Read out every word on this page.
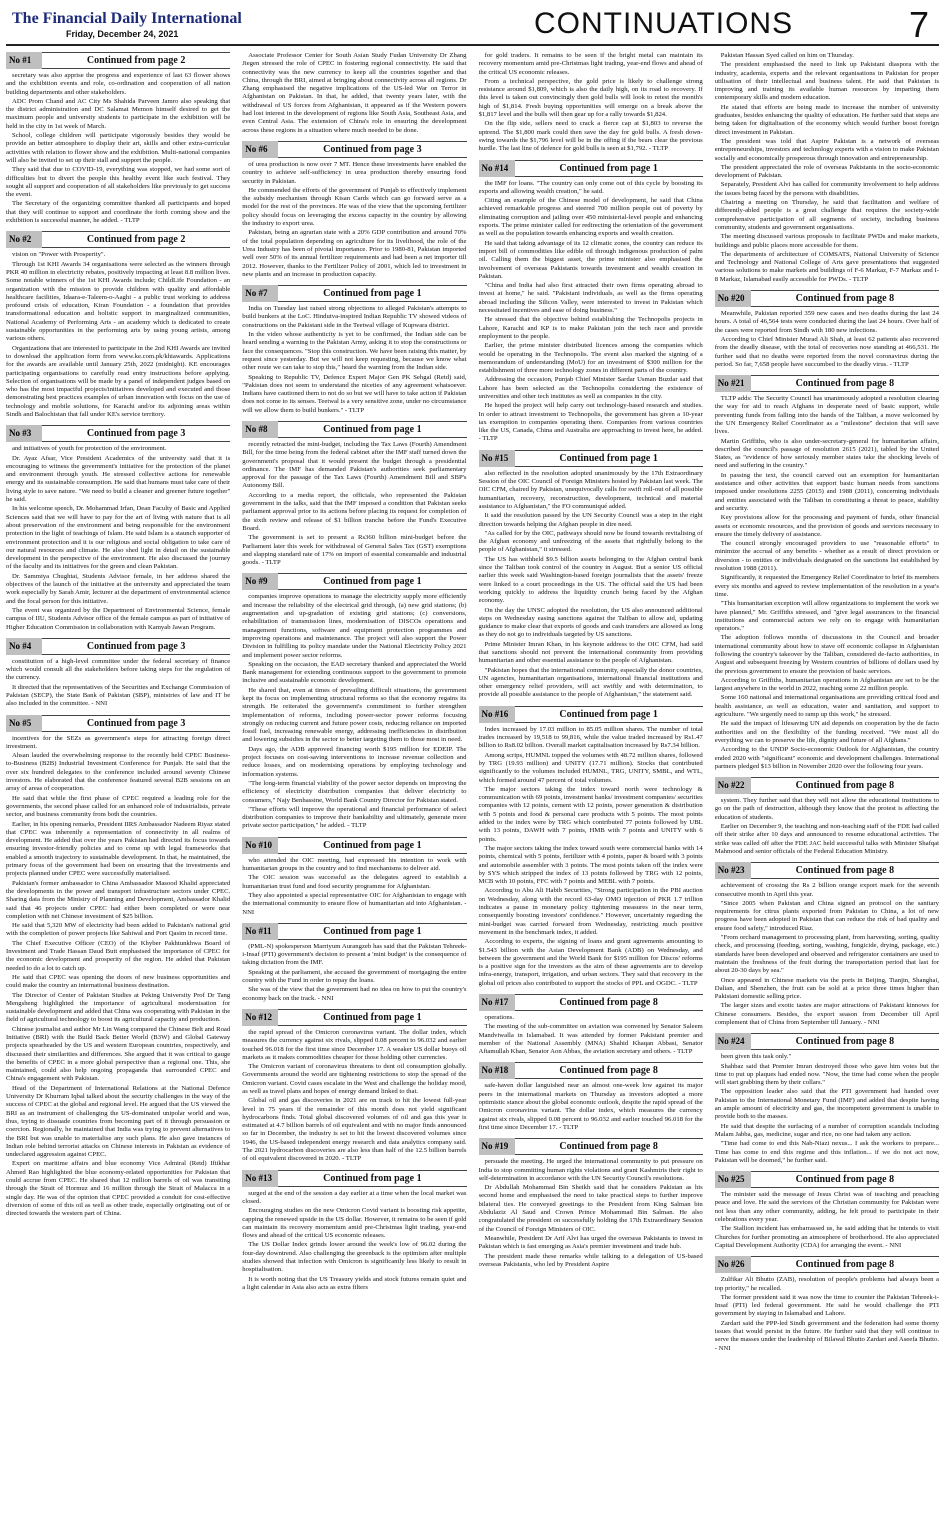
The Financial Daily International
Friday, December 24, 2021	CONTINUATIONS	7
No #1	Continued from page 2

secretary was also apprise the progress and experience of last 63 flower shows and the exhibition events and role, co-ordination and cooperation of all nation building departments and other stakeholders.

ADC Prom Chand and AC City Ms Shahida Parveen Jamro also speaking that the district administration and DC Salamat Memon himself desired to get the maximum people and university students to participate in the exhibition will be held in the city in 1st week of March.

School, college children will participate vigorously besides they would be provide an better atmosphere to display their art, skills and other extra-curricular activities with relation to flower show and the exhibition. Multi-national companies will also be invited to set up their stall and support the people.

They said that due to COVID-19, everything was stopped, we had some sort of difficulties but to divert the people this healthy event like such festival. They sought all support and cooperation of all stakeholders like previously to get success the event.

The Secretary of the organizing committee thanked all participants and hoped that they will continue to support and coordinate the forth coming show and the exhibition is successful manner, he added. - TLTP

No #2	Continued from page 2

vision on "Power with Prosperity".

Through 1st KHI Awards 34 organisations were selected as the winners through PKR 40 million in electricity rebates, positively impacting at least 8.8 million lives. Some notable winners of the 1st KHI Awards include; ChildLife Foundation - an organization with the mission to provide children with quality and affordable healthcare facilities, Idaara-e-Taleem-o-Aaghi - a public trust working to address profound crisis of education, Kiran Foundation - a foundation that provides transformational education and holistic support in marginalized communities, National Academy of Performing Arts - an academy which is dedicated to create sustainable opportunities in the performing arts by using young artists, among various others.

Organizations that are interested to participate in the 2nd KHI Awards are invited to download the application form from www.ke.com.pk/khiawards. Applications for the awards are available until January 25th, 2022 (midnight). KE encourages participating organisations to carefully read entry instructions before applying. Selection of organisations will be made by a panel of independent judges based on who has the most impactful projects/initiatives developed and executed and those demonstrating best practices examples of urban innovation with focus on the use of technology and mobile solutions, for Karachi and/or its adjoining areas within Sindh and Balochistan that fall under KE's service territory.

No #3	Continued from page 3

and initiatives of youth for protection of the environment.

Dr. Ayaz Afsar, Vice President Academics of the university said that it is encouraging to witness the government's initiative for the protection of the planet and environment through youth. He stressed collective actions for renewable energy and its sustainable consumption. He said that humans must take care of their living style to save nature. "We need to build a cleaner and greener future together" he said.

In his welcome speech, Dr. Mohammad Irfan, Dean Faculty of Basic and Applied Sciences said that we will have to pay for the art of living with nature that is all about preservation of the environment and being responsible for the environment protection in the light of teachings of Islam. He said Islam is a staunch supporter of environment protection and it is our religious and social obligation to take care of our natural resources and climate. He also shed light in detail on the sustainable development in the perspective of the environment. He also discussed the journey of the faculty and its initiatives for the green and clean Pakistan.

Dr. Sammiya Chughtai, Students Advisor female, in her address shared the objectives of the launch of the initiative at the university and appreciated the team work especially by Sarah Amir, lecturer at the department of environmental science and the focal person for this initiative.

The event was organized by the Department of Environmental Science, female campus of IIU, Students Advisor office of the female campus as part of initiative of Higher Education Commission in collaboration with Kamyab Jawan Program.

No #4	Continued from page 3

constitution of a high-level committee under the federal secretary of finance which would consult all the stakeholders before taking steps for the regulation of the currency.

It directed that the representatives of the Securities and Exchange Commission of Pakistan (SECP), the State Bank of Pakistan (SBP), ministries of law and IT be also included in the committee. - NNI

No #5	Continued from page 3

incentives for the SEZs as government's steps for attracting foreign direct investment.

Ahsan lauded the overwhelming response to the recently held CPEC Business-to-Business (B2B) Industrial Investment Conference for Punjab. He said that the over six hundred delegates to the conference included around seventy Chinese investors. He elaborated that the conference featured several B2B sessions on an array of areas of cooperation.

He said that while the first phase of CPEC required a leading role for the governments, the second phase called for an enhanced role of industrialists, private sector, and business community from both the countries.

Earlier, in his opening remarks, President IIRS Ambassador Nadeem Riyaz stated that CPEC was inherently a representation of connectivity in all realms of development. He added that over the years Pakistan had directed its focus towards ensuring investor-friendly policies and to come up with legal frameworks that enabled a smooth trajectory to sustainable development. In that, he maintained, the primary focus of the government had been on ensuring that the investments and projects planned under CPEC were successfully materialised.

Pakistan's former ambassador to China Ambassador Masood Khalid appreciated the developments in the power and transport infrastructure sectors under CPEC. Sharing data from the Ministry of Planning and Development, Ambassador Khalid said that 46 projects under CPEC had either been completed or were near completion with net Chinese investment of $25 billion.

He said that 5,320 MW of electricity had been added to Pakistan's national grid with the completion of power projects like Sahiwal and Port Qasim in record time.

The Chief Executive Officer (CEO) of the Khyber Pakhtunkhwa Board of Investment and Trade Hassan Daud Butt emphasised the importance of CPEC for the economic development and prosperity of the region. He added that Pakistan needed to do a lot to catch up.

He said that CPEC was opening the doors of new business opportunities and could make the country an international business destination.

The Director of Center of Pakistan Studies at Peking University Prof Dr Tang Mengsheng highlighted the importance of agricultural modernisation for sustainable development and added that China was cooperating with Pakistan in the field of agricultural technology to boost its agricultural capacity and production.

Chinese journalist and author Mr Lin Wang compared the Chinese Belt and Road Initiative (BRI) with the Build Back Better World (B3W) and Global Gateway projects spearheaded by the US and western European countries, respectively, and discussed their similarities and differences. She argued that it was critical to gauge the benefits of CPEC in a more global perspective than a regional one. This, she maintained, could also help ongoing propaganda that surrounded CPEC and China's engagement with Pakistan.

Head of the Department of International Relations at the National Defence University Dr Khurram Iqbal talked about the security challenges in the way of the success of CPEC at the global and regional level. He argued that the US viewed the BRI as an instrument of challenging the US-dominated unipolar world and was, thus, trying to dissuade countries from becoming part of it through persuasion or coercion. Regionally, he maintained that India was trying to prevent alternatives to the BRI but was unable to materialise any such plans. He also gave instances of Indian role behind terrorist attacks on Chinese interests in Pakistan as evidence of undeclared aggression against CPEC.

Expert on maritime affairs and blue economy Vice Admiral (Retd) Iftikhar Ahmed Rao highlighted the blue economy-related opportunities for Pakistan that could accrue from CPEC. He shared that 12 million barrels of oil was transiting through the Strait of Hormuz and 16 million through the Strait of Malacca in a single day. He was of the opinion that CPEC provided a conduit for cost-effective diversion of some of this oil as well as other trade, especially originating out of or directed towards the western part of China.

Associate Professor Center for South Asian Study Fudan University Dr Zhang Jiegen stressed the role of CPEC in fostering regional connectivity. He said that connectivity was the new currency to keep all the countries together and that China, through the BRI, aimed at bringing about connectivity across all regions. Dr Zhang emphasised the negative implications of the US-led War on Terror in Afghanistan on Pakistan. In that, he added, that twenty years later, with the withdrawal of US forces from Afghanistan, it appeared as if the Western powers had lost interest in the development of regions like South Asia, Southeast Asia, and even Central Asia. The extension of China's role in ensuring the development across these regions in a situation where much needed to be done.

No #6	Continued from page 3

of urea production is now over 7 MT. Hence these investments have enabled the country to achieve self-sufficiency in urea production thereby ensuring food security in Pakistan.

He commended the efforts of the government of Punjab to effectively implement the subsidy mechanism through Kisan Cards which can go forward serve as a model for the rest of the provinces. He was of the view that the upcoming fertilizer policy should focus on leveraging the excess capacity in the country by allowing the industry to export urea.

Pakistan, being an agrarian state with a 20% GDP contribution and around 70% of the total population depending on agriculture for its livelihood, the role of the Urea Industry has been of pivotal importance. Prior to 1980-81, Pakistan imported well over 50% of its annual fertilizer requirements and had been a net importer till 2012. However, thanks to the Fertilizer Policy of 2001, which led to investment in new plants and an increase in production capacity.

No #7	Continued from page 1

India on Tuesday last raised strong objections to alleged Pakistan's attempts to build bunkers at the LoC. Hindutva-inspired Indian Republic TV showed videos of constructions on the Pakistani side in the Teetwal village of Kupwara district.

In the video whose authenticity is yet to be confirmed, the Indian side can be heard sending a warning to the Pakistan Army, asking it to stop the constructions or face the consequences. "Stop this construction. We have been raising this matter, by request since yesterday. But we will not keep requesting, because we know what other route we can take to stop this," heard the warning from the Indian side.

Speaking to Republic TV, Defence Expert Major Gen PK Sehgal (Retd) said, "Pakistan does not seem to understand the niceties of any agreement whatsoever. Indians have cautioned them to not do so but we will have to take action if Pakistan does not come to its senses. Teetwal is a very sensitive zone, under no circumstance will we allow them to build bunkers." - TLTP

No #8	Continued from page 1

recently retracted the mini-budget, including the Tax Laws (Fourth) Amendment Bill, for the time being from the federal cabinet after the IMF staff turned down the government's proposal that it would present the budget through a presidential ordinance. The IMF has demanded Pakistan's authorities seek parliamentary approval for the passage of the Tax Laws (Fourth) Amendment Bill and SBP's Autonomy Bill.

According to a media report, the officials, who represented the Pakistan government in the talks, said that the IMF imposed a condition that Pakistan seeks parliament approval prior to its actions before placing its request for completion of the sixth review and release of $1 billion tranche before the Fund's Executive Board.

The government is set to present a Rs360 billion mini-budget before the Parliament later this week for withdrawal of General Sales Tax (GST) exemptions and slapping standard rate of 17% on import of essential consumable and industrial goods. - TLTP

No #9	Continued from page 1

companies improve operations to manage the electricity supply more efficiently and increase the reliability of the electrical grid through, (a) new grid stations; (b) augmentation and up-gradation of existing grid stations; (c) conversions, rehabilitation of transmission lines, modernisation of DISCOs operations and management functions, software and equipment protection programmes and improving operations and maintenance. The project will also support the Power Division in fulfilling its policy mandate under the National Electricity Policy 2021 and implement power sector reforms.

Speaking on the occasion, the EAD secretary thanked and appreciated the World Bank management for extending continuous support to the government to promote inclusive and sustainable economic development.

He shared that, even at times of prevailing difficult situations, the government kept its focus on implementing structural reforms so that the economy regains its strength. He reiterated the government's commitment to further strengthen implementation of reforms, including power-sector power reforms focusing strongly on reducing current and future power costs, reducing reliance on imported fossil fuel, increasing renewable energy, addressing inefficiencies in distribution and lowering subsidies in the sector to better targeting them to those most in need.

Days ago, the ADB approved financing worth $195 million for EDEIP. The project focuses on cost-saving interventions to increase revenue collection and reduce losses, and on modernising operations by employing technology and information systems.

"The long-term financial viability of the power sector depends on improving the efficiency of electricity distribution companies that deliver electricity to consumers," Najy Benhassine, World Bank Country Director for Pakistan stated.

"These efforts will improve the operational and financial performance of select distribution companies to improve their bankability and ultimately, generate more private sector participation," he added. - TLTP

No #10	Continued from page 1

who attended the OIC meeting, had expressed his intention to work with humanitarian groups in the country and to find mechanisms to deliver aid.

The OIC session was successful as the delegates agreed to establish a humanitarian trust fund and food security programme for Afghanistan.

They also appointed a special representative OIC for Afghanistan to engage with the international community to ensure flow of humanitarian aid into Afghanistan. - NNI

No #11	Continued from page 1

(PML-N) spokesperson Marriyum Aurangzeb has said that the Pakistan Tehreek-i-Insaf (PTI) government's decision to present a 'mini budget' is the consequence of taking dictation from the IMF.

Speaking at the parliament, she accused the government of mortgaging the entire country with the Fund in order to repay the loans.

She was of the view that the government had no idea on how to put the country's economy back on the track. - NNI

No #12	Continued from page 1

the rapid spread of the Omicron coronavirus variant. The dollar index, which measures the currency against six rivals, slipped 0.08 percent to 96.032 and earlier touched 96.018 for the first time since December 17. A weaker US dollar buoys oil markets as it makes commodities cheaper for those holding other currencies.

The Omicron variant of coronavirus threatens to dent oil consumption globally. Governments around the world are tightening restrictions to stop the spread of the Omicron variant. Covid cases escalate in the West and challenge the holiday mood, as well as travel plans and hopes of energy demand linked to that.

Global oil and gas discoveries in 2021 are on track to hit the lowest full-year level in 75 years if the remainder of this month does not yield significant hydrocarbons finds. Total global discovered volumes of oil and gas this year is estimated at 4.7 billion barrels of oil equivalent and with no major finds announced so far in December, the industry is set to hit the lowest discovered volumes since 1946, the US-based independent energy research and data analytics company said. The 2021 hydrocarbon discoveries are also less than half of the 12.5 billion barrels of oil equivalent discovered in 2020. - TLTP

No #13	Continued from page 1

surged at the end of the session a day earlier at a time when the local market was closed.

Encouraging studies on the new Omicron Covid variant is boosting risk appetite, capping the renewed upside in the US dollar. However, it remains to be seen if gold can maintain its recovery momentum amid pre-Christmas light trading, year-end flows and ahead of the critical US economic releases.

The US Dollar Index grinds lower around the week's low of 96.02 during the four-day downtrend. Also challenging the greenback is the optimism after multiple studies showed that infection with Omicron is significantly less likely to result in hospitalisation.

It is worth noting that the US Treasury yields and stock futures remain quiet and a light calendar in Asia also acts as extra filters

for gold traders. It remains to be seen if the bright metal can maintain its recovery momentum amid pre-Christmas light trading, year-end flows and ahead of the critical US economic releases.

From a technical perspective, the gold price is likely to challenge strong resistance around $1,809, which is also the daily high, on its road to recovery. If this level is taken out convincingly then gold bulls will look to retest the month's high of $1,814. Fresh buying opportunities will emerge on a break above the $1,817 level and the bulls will then gear up for a rally towards $1,824.

On the flip side, sellers need to crack a fierce cap at $1,803 to reverse the uptrend. The $1,800 mark could then save the day for gold bulls. A fresh down-swing towards the $1,796 level will be in the offing if the bears clear the previous hurdle. The last line of defence for gold bulls is seen at $1,792. - TLTP

No #14	Continued from page 1

the IMF for loans. "The country can only come out of this cycle by boosting its exports and allowing wealth creation," he said.

Citing an example of the Chinese model of development, he said that China achieved remarkable progress and steered 700 million people out of poverty by eliminating corruption and jailing over 450 ministerial-level people and enhancing exports. The prime minister called for redirecting the orientation of the government as well as the population towards enhancing exports and wealth creation.

He said that taking advantage of its 12 climatic zones, the country can reduce its import bill of commodities like edible oil through indigenous production of palm oil. Calling them the biggest asset, the prime minister also emphasised the involvement of overseas Pakistanis towards investment and wealth creation in Pakistan.

"China and India had also first attracted their own firms operating abroad to invest at home," he said. "Pakistani individuals, as well as the firms operating abroad including the Silicon Valley, were interested to invest in Pakistan which necessitated incentives and ease of doing business."

He stressed that the objective behind establishing the Technopolis projects in Lahore, Karachi and KP is to make Pakistan join the tech race and provide employment to the people.

Earlier, the prime minister distributed licences among the companies which would be operating in the Technopolis. The event also marked the signing of a memorandum of understanding (MoU) for an investment of $300 million for the establishment of three more technology zones in different parts of the country.

Addressing the occasion, Punjab Chief Minister Sardar Usman Buzdar said that Lahore has been selected as the Technopolis considering the existence of universities and other tech institutes as well as companies in the city.

He hoped the project will help carry out technology-based research and studies. In order to attract investment to Technopolis, the government has given a 10-year tax exemption to companies operating there. Companies from various countries like the US, Canada, China and Australia are approaching to invest here, he added. - TLTP

No #15	Continued from page 1

also reflected in the resolution adopted unanimously by the 17th Extraordinary Session of the OIC Council of Foreign Ministers hosted by Pakistan last week. The OIC CFM, chaired by Pakistan, unequivocally calls for swift roll-out of all possible humanitarian, recovery, reconstruction, development, technical and material assistance to Afghanistan," the FO communiqué added.

It said the resolution passed by the UN Security Council was a step in the right direction towards helping the Afghan people in dire need.

"As called for by the OIC, pathways should now be found towards revitalising of the Afghan economy and unfreezing of the assets that rightfully belong to the people of Afghanistan," it stressed.

The US has withheld $9.5 billion assets belonging to the Afghan central bank since the Taliban took control of the country in August. But a senior US official earlier this week said Washington-based foreign journalists that the assets' freeze were linked to a court proceedings in the US. The official said the US had been working quickly to address the liquidity crunch being faced by the Afghan economy.

On the day the UNSC adopted the resolution, the US also announced additional steps on Wednesday easing sanctions against the Taliban to allow aid, updating guidance to make clear that exports of goods and cash transfers are allowed as long as they do not go to individuals targeted by US sanctions.

Prime Minister Imran Khan, in his keynote address to the OIC CFM, had said that sanctions should not prevent the international community from providing humanitarian and other essential assistance to the people of Afghanistan.

"Pakistan hopes that the international community, especially the donor countries, UN agencies, humanitarian organisations, international financial institutions and other emergency relief providers, will act swiftly and with determination, to provide all possible assistance to the people of Afghanistan," the statement said.

No #16	Continued from page 1

Index increased by 17.03 million to 85.05 million shares. The number of total trades increased by 19,518 to 99,816, while the value traded increased by Rs1.47 billion to Rs8.02 billion. Overall market capitalisation increased by Rs7.34 billion.

Among scrips, HUMNL topped the volumes with 48.72 million shares, followed by TRG (19.93 million) and UNITY (17.71 million). Stocks that contributed significantly to the volumes included HUMNL, TRG, UNITY, SMBL, and WTL, which formed around 47 percent of total volumes.

The major sectors taking the index toward north were technology & communication with 69 points, investment banks/ investment companies/ securities companies with 12 points, cement with 12 points, power generation & distribution with 5 points and food & personal care products with 5 points. The most points added to the index were by TRG which contributed 77 points followed by UBL with 13 points, DAWH with 7 points, HMB with 7 points and UNITY with 6 points.

The major sectors taking the index toward south were commercial banks with 14 points, chemical with 5 points, fertilizer with 4 points, paper & board with 3 points and automobile assembler with 3 points. The most points taken off the index were by SYS which stripped the index of 13 points followed by TRG with 12 points, MCB with 10 points, FFC with 7 points and MEBL with 7 points.

According to Abu Ali Habib Securities, "Strong participation in the PBI auction on Wednesday, along with the record 63-day OMO injection of PKR 1.7 trillion indicates a pause in monetary policy tightening measures in the near term, consequently boosting investors' confidence." However, uncertainty regarding the mini-budget was carried forward from Wednesday, restricting much positive movement in the benchmark index, it added.

According to experts, the signing of loans and grant agreements amounting to $1.543 billion with the Asian Development Bank (ADB) on Wednesday, and between the government and the World Bank for $195 million for Discos' reforms is a positive sign for the investors as the aim of these agreements are to develop infra-energy, transport, irrigation, and urban sectors. They said that recovery in the global oil prices also contributed to support the stocks of PPL and OGDC. - TLTP

No #17	Continued from page 8

operations.

The meeting of the sub-committee on aviation was convened by Senator Saleem Mandviwalla in Islamabad. It was attended by former Pakistani premier and member of the National Assembly (MNA) Shahid Khaqan Abbasi, Senator Aftamullah Khan, Senator Aon Abbas, the aviation secretary and others. - TLTP

No #18	Continued from page 8

safe-haven dollar languished near an almost one-week low against its major peers in the international markets on Thursday as investors adopted a more optimistic stance about the global economic outlook, despite the rapid spread of the Omicron coronavirus variant. The dollar index, which measures the currency against six rivals, slipped 0.08 percent to 96.032 and earlier touched 96.018 for the first time since December 17. - TLTP

No #19	Continued from page 8

persuade the meeting. He urged the international community to put pressure on India to stop committing human rights violations and grant Kashmiris their right to self-determination in accordance with the UN Security Council's resolutions.

Dr Abdullah Mohammad Bin Sheikh said that he considers Pakistan as his second home and emphasised the need to take practical steps to further improve bilateral ties. He conveyed greetings to the President from King Salman bin Abdulaziz Al Saud and Crown Prince Mohammad Bin Salman. He also congratulated the president on successfully holding the 17th Extraordinary Session of the Council of Foreign Ministers of OIC.

Meanwhile, President Dr Arif Alvi has urged the overseas Pakistanis to invest in Pakistan which is fast emerging as Asia's premier investment and trade hub.

The president made these remarks while talking to a delegation of US-based overseas Pakistanis, who led by President Aspire

Pakistan Hassan Syed called on him on Thursday.

The president emphasised the need to link up Pakistani diaspora with the industry, academia, experts and the relevant organisations in Pakistan for proper utilisation of their intellectual and business talent. He said that Pakistan is improving and training its available human resources by imparting them contemporary skills and modern education.

He stated that efforts are being made to increase the number of university graduates, besides enhancing the quality of education. He further said that steps are being taken for digitalisation of the economy which would further boost foreign direct investment in Pakistan.

The president was told that Aspire Pakistan is a network of overseas entrepreneurships, investors and technology experts with a vision to make Pakistan socially and economically prosperous through innovation and entrepreneurship.

The president appreciated the role of overseas Pakistanis in the socio-economic development of Pakistan.

Separately, President Alvi has called for community involvement to help address the issues being faced by the persons with disabilities.

Chairing a meeting on Thursday, he said that facilitation and welfare of differently-abled people is a great challenge that requires the society-wide comprehensive participation of all segments of society, including business community, students and government organisations.

The meeting discussed various proposals to facilitate PWDs and make markets, buildings and public places more accessible for them.

The departments of architecture of COMSATS, National University of Science and Technology and National College of Arts gave presentations that suggested various solutions to make markets and buildings of F-6 Markaz, F-7 Markaz and I-8 Markaz, Islamabad easily accessible for PWDs. - TLTP

No #20	Continued from page 8

Meanwhile, Pakistan reported 359 new cases and two deaths during the last 24 hours. A total of 46,564 tests were conducted during the last 24 hours. Over half of the cases were reported from Sindh with 180 new infections.

According to Chief Minister Murad Ali Shah, at least 62 patients also recovered from the deadly disease, with the total of recoveries now standing at 466,531. He further said that no deaths were reported from the novel coronavirus during the period. So far, 7,658 people have succumbed to the deadly virus. - TLTP

No #21	Continued from page 8

TLTP adds: The Security Council has unanimously adopted a resolution clearing the way for aid to reach Afghans in desperate need of basic support, while preventing funds from falling into the hands of the Taliban, a move welcomed by the UN Emergency Relief Coordinator as a "milestone" decision that will save lives.

Martin Griffiths, who is also under-secretary-general for humanitarian affairs, described the council's passage of resolution 2615 (2021), tabled by the United States, as "evidence of how seriously member states take the shocking levels of need and suffering in the country."

In passing the text, the council carved out an exemption for humanitarian assistance and other activities that support basic human needs from sanctions imposed under resolutions 2255 (2015) and 1988 (2011), concerning individuals and entities associated with the Taliban in constituting a threat to peace, stability and security.

Key provisions allow for the processing and payment of funds, other financial assets or economic resources, and the provision of goods and services necessary to ensure the timely delivery of assistance.

The council strongly encouraged providers to use "reasonable efforts" to minimize the accrual of any benefits - whether as a result of direct provision or diversion - to entities or individuals designated on the sanctions list established by resolution 1988 (2011).

Significantly, it requested the Emergency Relief Coordinator to brief its members every six months and agreed to review implementation of the resolution in a year's time.

"This humanitarian exception will allow organizations to implement the work we have planned," Mr. Griffiths stressed, and "give legal assurances to the financial institutions and commercial actors we rely on to engage with humanitarian operators."

The adoption follows months of discussions in the Council and broader international community about how to stave off economic collapse in Afghanistan following the country's takeover by the Taliban, considered de-facto authorities, in August and subsequent freezing by Western countries of billions of dollars used by the previous government to ensure the provision of basic services.

According to Griffiths, humanitarian operations in Afghanistan are set to be the largest anywhere in the world in 2022, reaching some 22 million people.

Some 160 national and international organisations are providing critical food and health assistance, as well as education, water and sanitation, and support to agriculture. "We urgently need to ramp up this work," he stressed.

He said the impact of lifesaving UN aid depends on cooperation by the de facto authorities and on the flexibility of the funding received. "We must all do everything we can to preserve the life, dignity and future of all Afghans."

According to the UNDP Socio-economic Outlook for Afghanistan, the country ended 2020 with "significant" economic and development challenges. International partners pledged $13 billion in November 2020 over the following four years.

No #22	Continued from page 8

system. They further said that they will not allow the educational institutions to go on the path of destruction, although they know that the protest is affecting the education of students.

Earlier on December 9, the teaching and non-teaching staff of the FDE had called off their strike after 10 days and announced to resume educational activities. The strike was called off after the FDE JAC held successful talks with Minister Shafqat Mahmood and senior officials of the Federal Education Ministry.

No #23	Continued from page 8

achievement of crossing the Rs 2 billion orange export mark for the seventh consecutive month in April this year.

"Since 2005 when Pakistan and China signed an protocol on the sanitary requirements for citrus plants exported from Pakistan to China, a lot of new progress have been adopted in Pakistan that can reduce the risk of bad quality and ensure food safety," introduced Riaz.

"From orchard management to processing plant, from harvesting, sorting, quality check, and processing (feeding, sorting, washing, fungicide, drying, package, etc.) standards have been developed and observed and refrigerator containers are used to maintain the freshness of the fruit during the transportation period that last for about 20-30 days by sea."

Once appeared in Chinese markets via the ports in Beijing, Tianjin, Shanghai, Dalian, and Shenzhen, the fruit can be sold at a price three times higher than Pakistani domestic selling price.

The larger sizes and exotic tastes are major attractions of Pakistani kinnows for Chinese consumers. Besides, the export season from December till April complement that of China from September till January. - NNI

No #24	Continued from page 8

been given this task only."

Shahbaz said that Premier Imran destroyed those who gave him votes but the time to put up plaques had ended now. "Now, the time had come when the people will start grabbing them by their collars."

The opposition leader also said that the PTI government had handed over Pakistan to the International Monetary Fund (IMF) and added that despite having an ample amount of electricity and gas, the incompetent government is unable to provide both to the masses.

He said that despite the surfacing of a number of corruption scandals including Malam Jabba, gas, medicine, sugar and rice, no one had taken any action.

"Time had come to end this Nab-Niazi nexus... I ask the workers to prepare... Time has come to end this regime and this inflation... if we do not act now, Pakistan will be doomed," he further said.

No #25	Continued from page 8

The minister said the message of Jesus Christ was of teaching and preaching peace and love. He said the services of the Christian community for Pakistan were not less than any other community, adding, he felt proud to participate in their celebrations every year.

The Stallion incident has embarrassed us, he said adding that he intends to visit Churches for further promoting an atmosphere of brotherhood. He also appreciated Capital Development Authority (CDA) for arranging the event. - NNI

No #26	Continued from page 8

Zulfikar Ali Bhutto (ZAB), resolution of people's problems had always been a top priority," he recalled.

The former president said it was now the time to counter the Pakistan Tehreek-i-Insaf (PTI) led federal government. He said he would challenge the PTI government by staying in Islamabad and Lahore.

Zardari said the PPP-led Sindh government and the federation had some thorny issues that would persist in the future. He further said that they will continue to serve the masses under the leadership of Bilawal Bhutto Zardari and Aseefa Bhutto. - NNI
